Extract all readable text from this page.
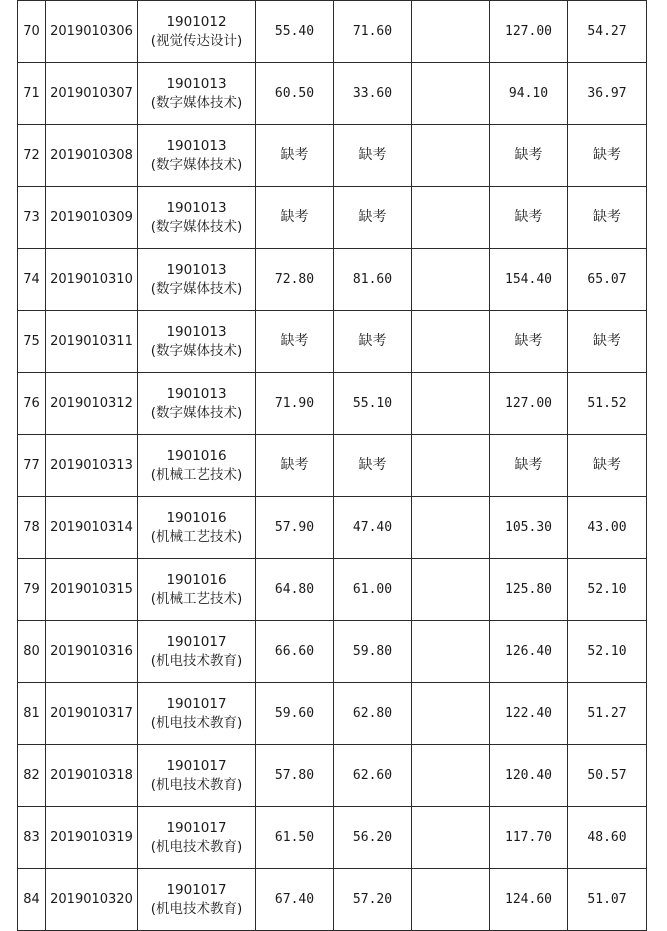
70	2019010306	1901012
(视觉传达设计)	55.40	71.60		127.00	54.27
71	2019010307	1901013
(数字媒体技术)	60.50	33.60		94.10	36.97
72	2019010308	1901013
(数字媒体技术)	缺考	缺考		缺考	缺考
73	2019010309	1901013
(数字媒体技术)	缺考	缺考		缺考	缺考
74	2019010310	1901013
(数字媒体技术)	72.80	81.60		154.40	65.07
75	2019010311	1901013
(数字媒体技术)	缺考	缺考		缺考	缺考
76	2019010312	1901013
(数字媒体技术)	71.90	55.10		127.00	51.52
77	2019010313	1901016
(机械工艺技术)	缺考	缺考		缺考	缺考
78	2019010314	1901016
(机械工艺技术)	57.90	47.40		105.30	43.00
79	2019010315	1901016
(机械工艺技术)	64.80	61.00		125.80	52.10
80	2019010316	1901017
(机电技术教育)	66.60	59.80		126.40	52.10
81	2019010317	1901017
(机电技术教育)	59.60	62.80		122.40	51.27
82	2019010318	1901017
(机电技术教育)	57.80	62.60		120.40	50.57
83	2019010319	1901017
(机电技术教育)	61.50	56.20		117.70	48.60
84	2019010320	1901017
(机电技术教育)	67.40	57.20		124.60	51.07
